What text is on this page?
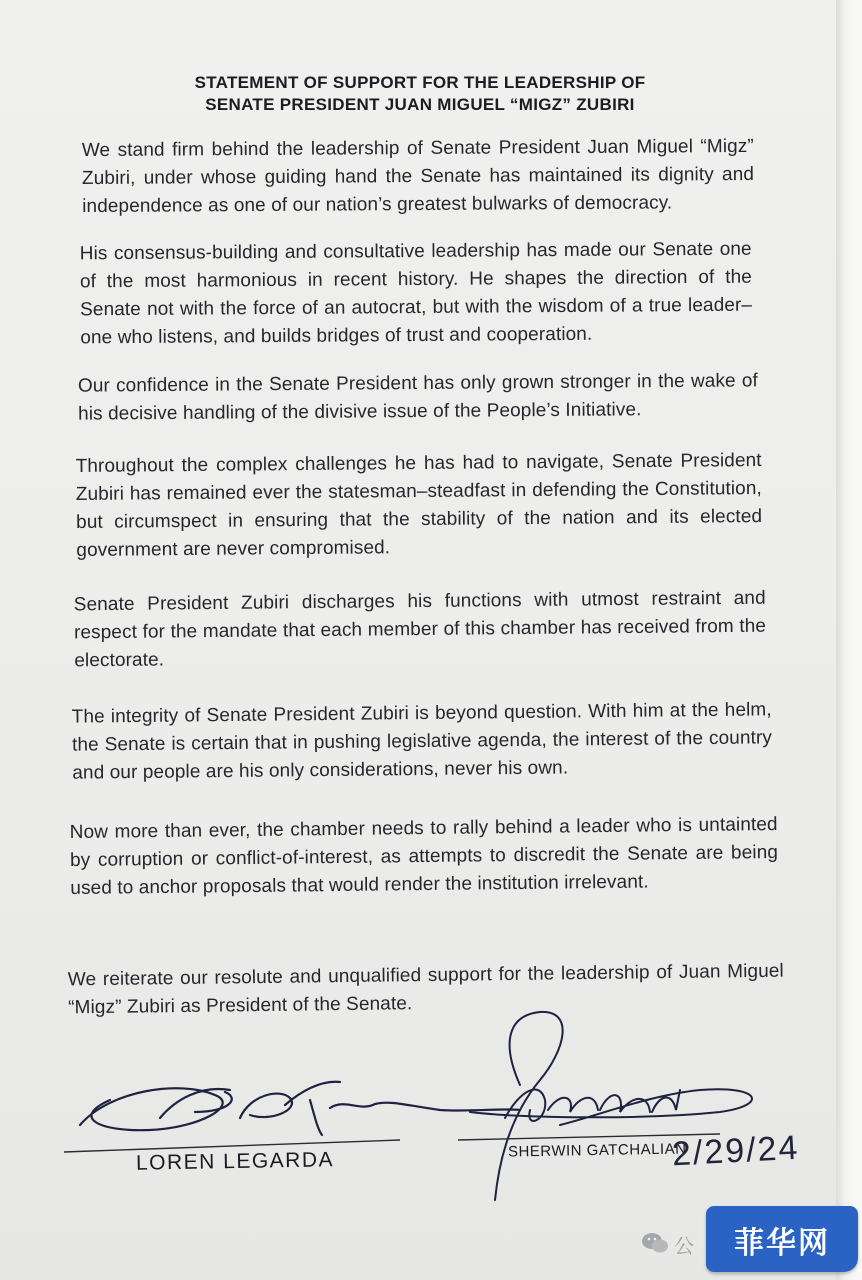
STATEMENT OF SUPPORT FOR THE LEADERSHIP OF
SENATE PRESIDENT JUAN MIGUEL “MIGZ” ZUBIRI
We stand firm behind the leadership of Senate President Juan Miguel “Migz” Zubiri, under whose guiding hand the Senate has maintained its dignity and independence as one of our nation’s greatest bulwarks of democracy.
His consensus-building and consultative leadership has made our Senate one of the most harmonious in recent history. He shapes the direction of the Senate not with the force of an autocrat, but with the wisdom of a true leader–one who listens, and builds bridges of trust and cooperation.
Our confidence in the Senate President has only grown stronger in the wake of his decisive handling of the divisive issue of the People’s Initiative.
Throughout the complex challenges he has had to navigate, Senate President Zubiri has remained ever the statesman–steadfast in defending the Constitution, but circumspect in ensuring that the stability of the nation and its elected government are never compromised.
Senate President Zubiri discharges his functions with utmost restraint and respect for the mandate that each member of this chamber has received from the electorate.
The integrity of Senate President Zubiri is beyond question. With him at the helm, the Senate is certain that in pushing legislative agenda, the interest of the country and our people are his only considerations, never his own.
Now more than ever, the chamber needs to rally behind a leader who is untainted by corruption or conflict-of-interest, as attempts to discredit the Senate are being used to anchor proposals that would render the institution irrelevant.
We reiterate our resolute and unqualified support for the leadership of Juan Miguel “Migz” Zubiri as President of the Senate.
LOREN LEGARDA	SHERWIN GATCHALIAN
2/29/24
公	菲华网
